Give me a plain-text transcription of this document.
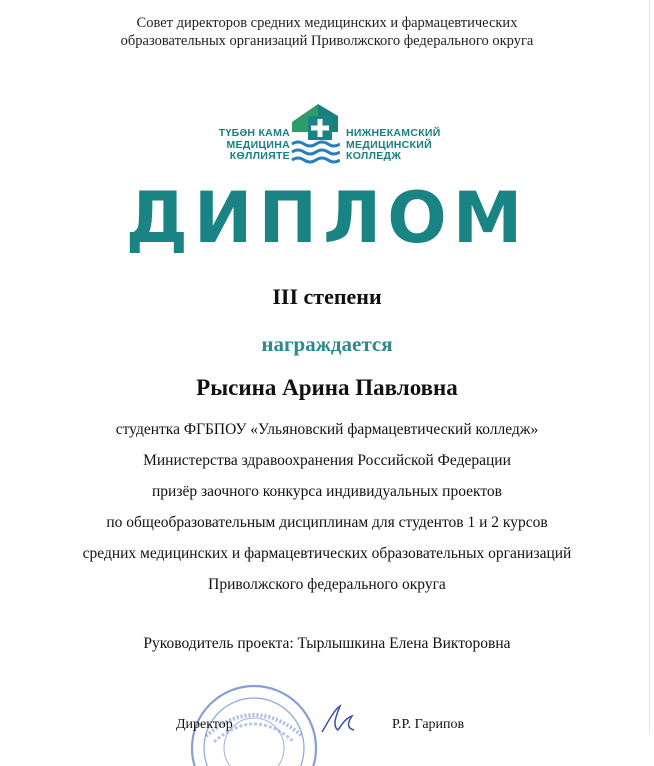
Совет директоров средних медицинских и фармацевтических
образовательных организаций Приволжского федерального округа
ТҮБӘН КАМА
МЕДИЦИНА
КӨЛЛИЯТЕ
НИЖНЕКАМСКИЙ
МЕДИЦИНСКИЙ
КОЛЛЕДЖ
ДИПЛОМ
III степени
награждается
Рысина Арина Павловна
студентка ФГБПОУ «Ульяновский фармацевтический колледж»
Министерства здравоохранения Российской Федерации
призёр заочного конкурса индивидуальных проектов
по общеобразовательным дисциплинам для студентов 1 и 2 курсов
средних медицинских и фармацевтических образовательных организаций
Приволжского федерального округа
Руководитель проекта: Тырлышкина Елена Викторовна
Директор	Р.Р. Гарипов
